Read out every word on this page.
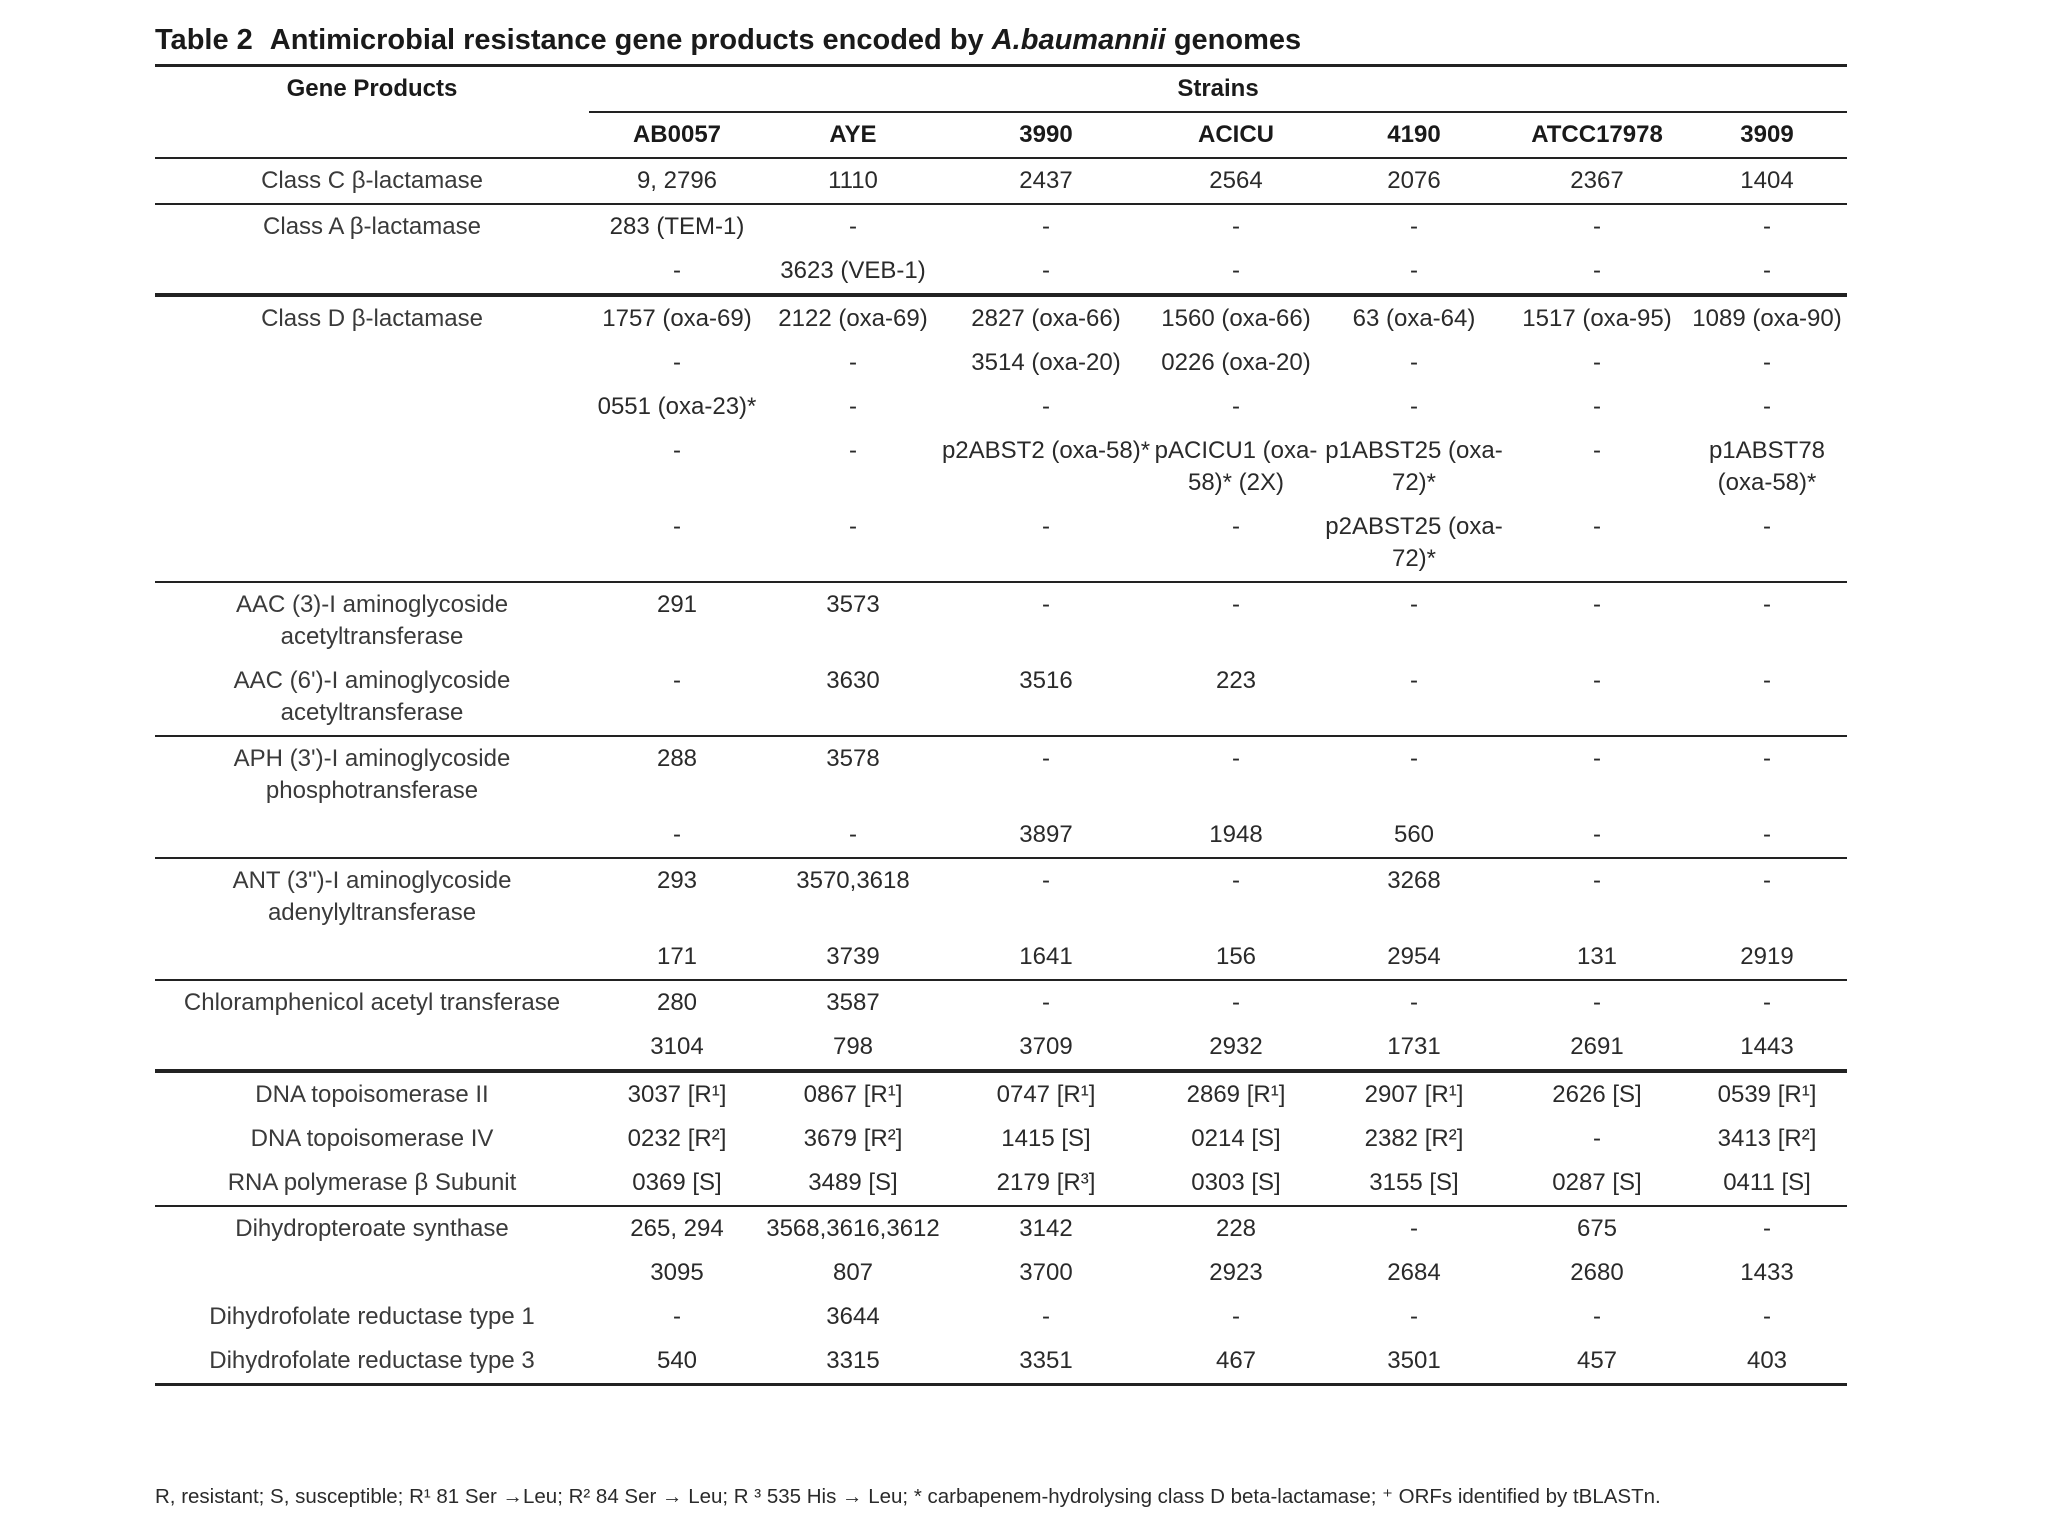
Table 2 Antimicrobial resistance gene products encoded by A.baumannii genomes
Gene Products	Strains						
	AB0057	AYE	3990	ACICU	4190	ATCC17978	3909
Class C β-lactamase	9, 2796	1110	2437	2564	2076	2367	1404
Class A β-lactamase	283 (TEM-1)	-	-	-	-	-	-
	-	3623 (VEB-1)	-	-	-	-	-
Class D β-lactamase	1757 (oxa-69)	2122 (oxa-69)	2827 (oxa-66)	1560 (oxa-66)	63 (oxa-64)	1517 (oxa-95)	1089 (oxa-90)
	-	-	3514 (oxa-20)	0226 (oxa-20)	-	-	-
	0551 (oxa-23)*	-	-	-	-	-	-
	-	-	p2ABST2 (oxa-58)*	pACICU1 (oxa-58)* (2X)	p1ABST25 (oxa-72)*	-	p1ABST78 (oxa-58)*
	-	-	-	-	p2ABST25 (oxa-72)*	-	-
AAC (3)-I aminoglycoside acetyltransferase	291	3573	-	-	-	-	-
AAC (6')-I aminoglycoside acetyltransferase	-	3630	3516	223	-	-	-
APH (3')-I aminoglycoside phosphotransferase	288	3578	-	-	-	-	-
	-	-	3897	1948	560	-	-
ANT (3")-I aminoglycoside adenylyltransferase	293	3570,3618	-	-	3268	-	-
	171	3739	1641	156	2954	131	2919
Chloramphenicol acetyl transferase	280	3587	-	-	-	-	-
	3104	798	3709	2932	1731	2691	1443
DNA topoisomerase II	3037 [R¹]	0867 [R¹]	0747 [R¹]	2869 [R¹]	2907 [R¹]	2626 [S]	0539 [R¹]
DNA topoisomerase IV	0232 [R²]	3679 [R²]	1415 [S]	0214 [S]	2382 [R²]	-	3413 [R²]
RNA polymerase β Subunit	0369 [S]	3489 [S]	2179 [R³]	0303 [S]	3155 [S]	0287 [S]	0411 [S]
Dihydropteroate synthase	265, 294	3568,3616,3612	3142	228	-	675	-
	3095	807	3700	2923	2684	2680	1433
Dihydrofolate reductase type 1	-	3644	-	-	-	-	-
Dihydrofolate reductase type 3	540	3315	3351	467	3501	457	403
R, resistant; S, susceptible; R¹ 81 Ser →Leu; R² 84 Ser → Leu; R ³ 535 His → Leu; * carbapenem-hydrolysing class D beta-lactamase; ⁺ ORFs identified by tBLASTn.
